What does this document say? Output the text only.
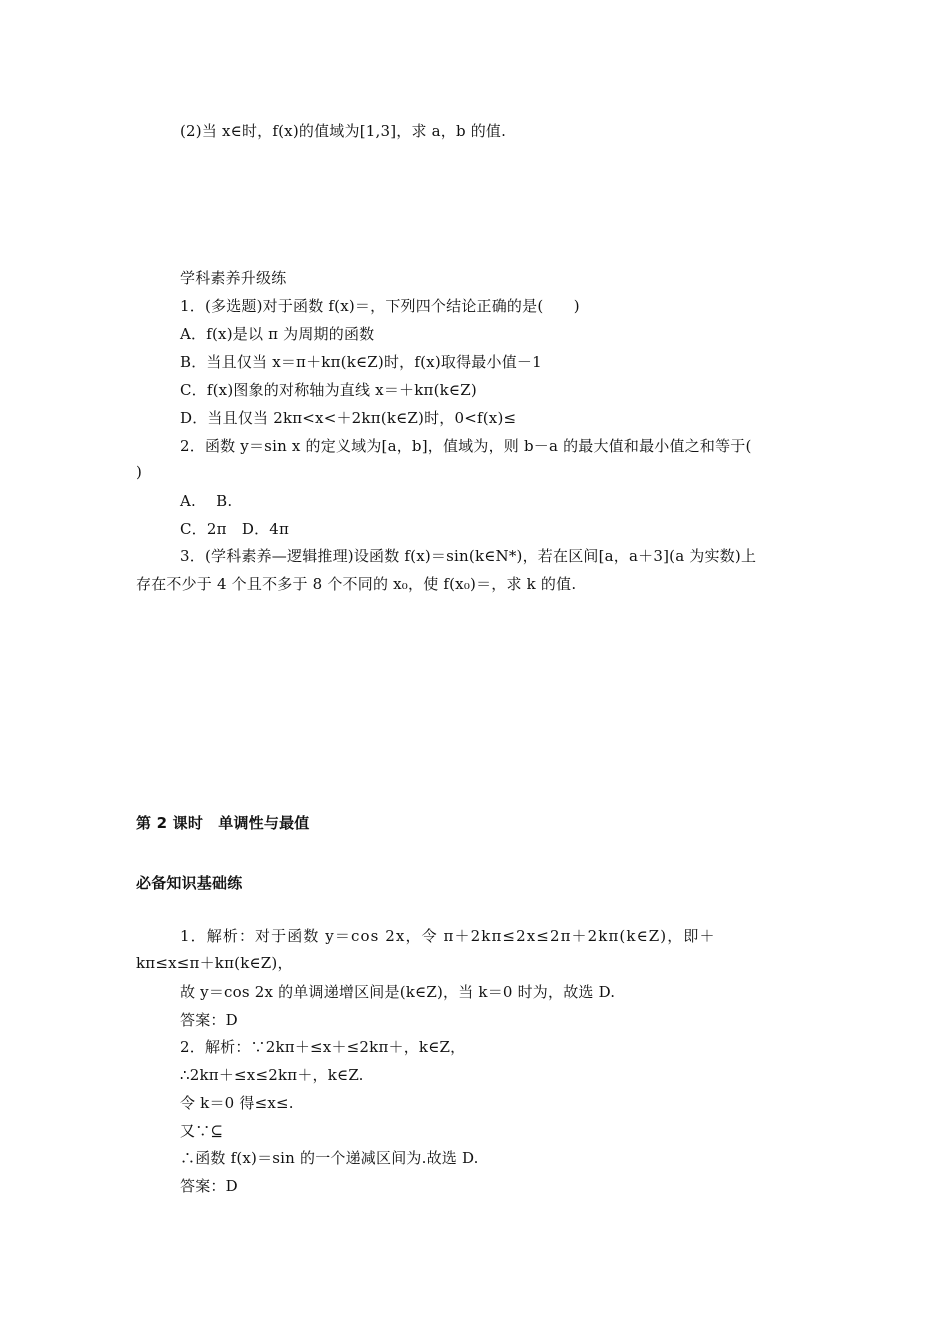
(2)当 x∈时，f(x)的值域为[1,3]，求 a，b 的值.
学科素养升级练
1．(多选题)对于函数 f(x)＝，下列四个结论正确的是(　　)
A．f(x)是以 π 为周期的函数
B．当且仅当 x＝π＋kπ(k∈Z)时，f(x)取得最小值－1
C．f(x)图象的对称轴为直线 x＝＋kπ(k∈Z)
D．当且仅当 2kπ<x<＋2kπ(k∈Z)时，0<f(x)≤
2．函数 y＝sin x 的定义域为[a，b]，值域为，则 b－a 的最大值和最小值之和等于(
)
A.　 B.
C．2π　D．4π
3．(学科素养—逻辑推理)设函数 f(x)＝sin(k∈N*)，若在区间[a，a＋3](a 为实数)上
存在不少于 4 个且不多于 8 个不同的 x₀，使 f(x₀)＝，求 k 的值.
第 2 课时　单调性与最值
必备知识基础练
1．解析：对于函数 y＝cos 2x，令 π＋2kπ≤2x≤2π＋2kπ(k∈Z)，即＋
kπ≤x≤π＋kπ(k∈Z)，
故 y＝cos 2x 的单调递增区间是(k∈Z)，当 k＝0 时为，故选 D.
答案：D
2．解析：∵2kπ＋≤x＋≤2kπ＋，k∈Z，
∴2kπ＋≤x≤2kπ＋，k∈Z.
令 k＝0 得≤x≤.
又∵⊆
∴函数 f(x)＝sin 的一个递减区间为.故选 D.
答案：D
